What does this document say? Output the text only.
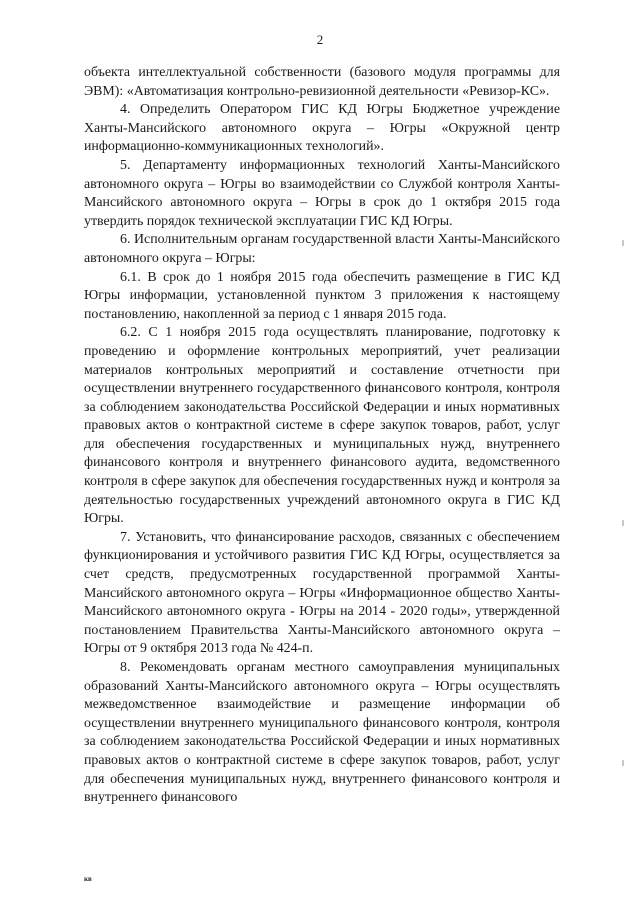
2

объекта интеллектуальной собственности (базового модуля программы для ЭВМ): «Автоматизация контрольно-ревизионной деятельности «Ревизор-КС».

4. Определить Оператором ГИС КД Югры Бюджетное учреждение Ханты-Мансийского автономного округа – Югры «Окружной центр информационно-коммуникационных технологий».

5. Департаменту информационных технологий Ханты-Мансийского автономного округа – Югры во взаимодействии со Службой контроля Ханты-Мансийского автономного округа – Югры в срок до 1 октября 2015 года утвердить порядок технической эксплуатации ГИС КД Югры.

6. Исполнительным органам государственной власти Ханты-Мансийского автономного округа – Югры:

6.1. В срок до 1 ноября 2015 года обеспечить размещение в ГИС КД Югры информации, установленной пунктом 3 приложения к настоящему постановлению, накопленной за период с 1 января 2015 года.

6.2. С 1 ноября 2015 года осуществлять планирование, подготовку к проведению и оформление контрольных мероприятий, учет реализации материалов контрольных мероприятий и составление отчетности при осуществлении внутреннего государственного финансового контроля, контроля за соблюдением законодательства Российской Федерации и иных нормативных правовых актов о контрактной системе в сфере закупок товаров, работ, услуг для обеспечения государственных и муниципальных нужд, внутреннего финансового контроля и внутреннего финансового аудита, ведомственного контроля в сфере закупок для обеспечения государственных нужд и контроля за деятельностью государственных учреждений автономного округа в ГИС КД Югры.

7. Установить, что финансирование расходов, связанных с обеспечением функционирования и устойчивого развития ГИС КД Югры, осуществляется за счет средств, предусмотренных государственной программой Ханты-Мансийского автономного округа – Югры «Информационное общество Ханты-Мансийского автономного округа - Югры на 2014 - 2020 годы», утвержденной постановлением Правительства Ханты-Мансийского автономного округа – Югры от 9 октября 2013 года № 424-п.

8. Рекомендовать органам местного самоуправления муниципальных образований Ханты-Мансийского автономного округа – Югры осуществлять межведомственное взаимодействие и размещение информации об осуществлении внутреннего муниципального финансового контроля, контроля за соблюдением законодательства Российской Федерации и иных нормативных правовых актов о контрактной системе в сфере закупок товаров, работ, услуг для обеспечения муниципальных нужд, внутреннего финансового контроля и внутреннего финансового

кв
